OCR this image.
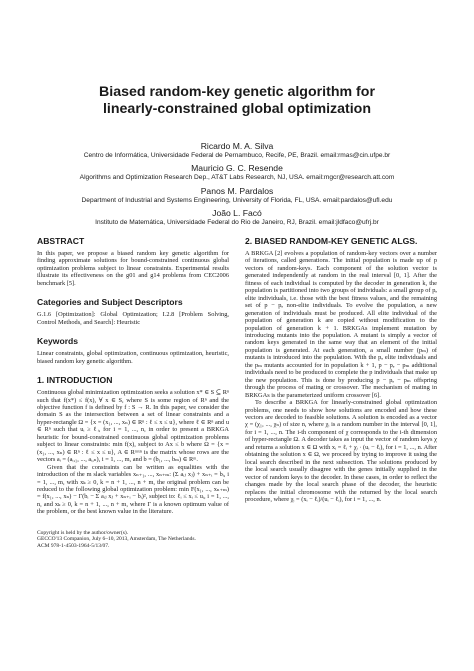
Biased random-key genetic algorithm for
linearly-constrained global optimization
Ricardo M. A. Silva
Centro de Informática, Universidade Federal de Pernambuco, Recife, PE, Brazil. email:rmas@cin.ufpe.br
Mauricio G. C. Resende
Algorithms and Optimization Research Dep., AT&T Labs Research, NJ, USA. email:mgcr@research.att.com
Panos M. Pardalos
Department of Industrial and Systems Engineering, University of Florida, FL, USA. email:pardalos@ufl.edu
João L. Facó
Instituto de Matemática, Universidade Federal do Rio de Janeiro, RJ, Brazil. email:jldfaco@ufrj.br
ABSTRACT

In this paper, we propose a biased random key genetic algorithm for finding approximate solutions for bound-constrained continuous global optimization problems subject to linear constraints. Experimental results illustrate its effectiveness on the g01 and g14 problems from CEC2006 benchmark [5].

Categories and Subject Descriptors

G.1.6 [Optimization]: Global Optimization; I.2.8 [Problem Solving, Control Methods, and Search]: Heuristic

Keywords

Linear constraints, global optimization, continuous optimization, heuristic, biased random key genetic algorithm.

1. INTRODUCTION

Continuous global minimization optimization seeks a solution x* ∈ S ⊆ Rⁿ such that f(x*) ≤ f(x), ∀ x ∈ S, where S is some region of Rⁿ and the objective function f is defined by f : S → R. In this paper, we consider the domain S as the intersection between a set of linear constraints and a hyper-rectangle Ω = {x = (x₁, ..., xₙ) ∈ Rⁿ : ℓ ≤ x ≤ u}, where ℓ ∈ Rⁿ and u ∈ Rⁿ such that uᵢ ≥ ℓᵢ, for i = 1, ..., n, in order to present a BRKGA heuristic for bound-constrained continuous global optimization problems subject to linear constraints: min f(x), subject to Ax ≤ b where Ω = {x = (x₁, ..., xₙ) ∈ Rⁿ : ℓ ≤ x ≤ u}, A ∈ Rᵐˣⁿ is the matrix whose rows are the vectors aᵢ = (aᵢ,₁, ..., aᵢ,ₙ), i = 1, ..., m, and b = (b₁, ..., bₘ) ∈ Rᵐ.

Given that the constraints can be written as equalities with the introduction of the m slack variables xₙ₊₁, ..., xₙ₊ₘ: (Σ aᵢⱼ xⱼ) + xₙ₊ᵢ = bᵢ, i = 1, ..., m, with xₖ ≥ 0, k = n + 1, ..., n + m, the original problem can be reduced to the following global optimization problem: min F(x₁, ..., xₙ₊ₘ) = f(x₁, ..., xₙ) − Γ(bᵢ − Σ aᵢⱼ xⱼ + xₙ₊ᵢ − bᵢ)², subject to: ℓᵢ ≤ xᵢ ≤ uᵢ, i = 1, ..., n, and xₖ ≥ 0, k = n + 1, ..., n + m, where Γ is a known optimum value of the problem, or the best known value in the literature.

Copyright is held by the author/owner(s).
GECCO'13 Companion, July 6–10, 2013, Amsterdam, The Netherlands.
ACM 978-1-4503-1964-5/13/07.
2. BIASED RANDOM-KEY GENETIC ALGS.

A BRKGA [2] evolves a population of random-key vectors over a number of iterations, called generations. The initial population is made up of p vectors of random-keys. Each component of the solution vector is generated independently at random in the real interval [0, 1]. After the fitness of each individual is computed by the decoder in generation k, the population is partitioned into two groups of individuals: a small group of pₑ elite individuals, i.e. those with the best fitness values, and the remaining set of p − pₑ non-elite individuals. To evolve the population, a new generation of individuals must be produced. All elite individual of the population of generation k are copied without modification to the population of generation k + 1. BRKGAs implement mutation by introducing mutants into the population. A mutant is simply a vector of random keys generated in the same way that an element of the initial population is generated. At each generation, a small number (pₘ) of mutants is introduced into the population. With the pₑ elite individuals and the pₘ mutants accounted for in population k + 1, p − pₑ − pₘ additional individuals need to be produced to complete the p individuals that make up the new population. This is done by producing p − pₑ − pₘ offspring through the process of mating or crossover. The mechanism of mating in BRKGAs is the parameterized uniform crossover [6].

To describe a BRKGA for linearly-constrained global optimization problems, one needs to show how solutions are encoded and how these vectors are decoded to feasible solutions. A solution is encoded as a vector χ = (χ₁, ..., χₙ) of size n, where χᵢ is a random number in the interval [0, 1], for i = 1, ..., n. The i-th component of χ corresponds to the i-th dimension of hyper-rectangle Ω. A decoder takes as input the vector of random keys χ and returns a solution x ∈ Ω with xᵢ = ℓᵢ + χᵢ · (uᵢ − ℓᵢ), for i = 1, ..., n. After obtaining the solution x ∈ Ω, we proceed by trying to improve it using the local search described in the next subsection. The solutions produced by the local search usually disagree with the genes initially supplied in the vector of random keys to the decoder. In these cases, in order to reflect the changes made by the local search phase of the decoder, the heuristic replaces the initial chromosome with the returned by the local search procedure, where χᵢ = (xᵢ − ℓᵢ)/(uᵢ − ℓᵢ), for i = 1, ..., n.
